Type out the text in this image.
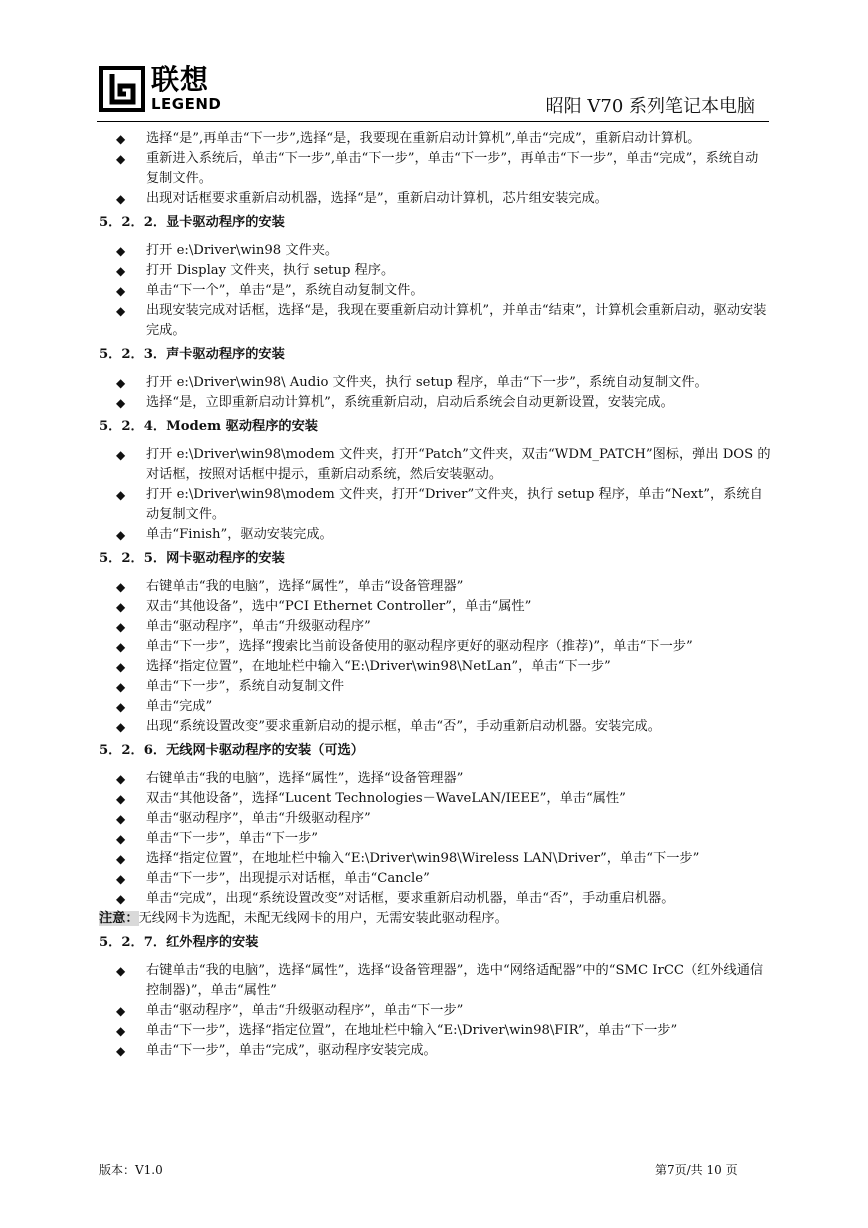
联想
LEGEND	昭阳 V70 系列笔记本电脑
◆ 选择“是”,再单击“下一步”,选择“是，我要现在重新启动计算机”,单击“完成”，重新启动计算机。
◆ 重新进入系统后，单击“下一步”,单击“下一步”，单击“下一步”，再单击“下一步”，单击“完成”，系统自动复制文件。
◆ 出现对话框要求重新启动机器，选择“是”，重新启动计算机，芯片组安装完成。
5．2．2．显卡驱动程序的安装
◆ 打开 e:\Driver\win98 文件夹。
◆ 打开 Display 文件夹，执行 setup 程序。
◆ 单击“下一个”，单击“是”，系统自动复制文件。
◆ 出现安装完成对话框，选择“是，我现在要重新启动计算机”，并单击“结束”，计算机会重新启动，驱动安装完成。
5．2．3．声卡驱动程序的安装
◆ 打开 e:\Driver\win98\ Audio 文件夹，执行 setup 程序，单击“下一步”，系统自动复制文件。
◆ 选择“是，立即重新启动计算机”，系统重新启动，启动后系统会自动更新设置，安装完成。
5．2．4．Modem 驱动程序的安装
◆ 打开 e:\Driver\win98\modem 文件夹，打开“Patch”文件夹，双击“WDM_PATCH”图标，弹出 DOS 的对话框，按照对话框中提示，重新启动系统，然后安装驱动。
◆ 打开 e:\Driver\win98\modem 文件夹，打开“Driver”文件夹，执行 setup 程序，单击“Next”，系统自动复制文件。
◆ 单击“Finish”，驱动安装完成。
5．2．5．网卡驱动程序的安装
◆ 右键单击“我的电脑”，选择“属性”，单击“设备管理器”
◆ 双击“其他设备”，选中“PCI Ethernet Controller”，单击“属性”
◆ 单击“驱动程序”，单击“升级驱动程序”
◆ 单击“下一步”，选择“搜索比当前设备使用的驱动程序更好的驱动程序（推荐)”，单击“下一步”
◆ 选择“指定位置”，在地址栏中输入“E:\Driver\win98\NetLan”，单击“下一步”
◆ 单击“下一步”，系统自动复制文件
◆ 单击“完成”
◆ 出现“系统设置改变”要求重新启动的提示框，单击“否”，手动重新启动机器。安装完成。
5．2．6．无线网卡驱动程序的安装（可选）
◆ 右键单击“我的电脑”，选择“属性”，选择“设备管理器”
◆ 双击“其他设备”，选择“Lucent Technologies－WaveLAN/IEEE”，单击“属性”
◆ 单击“驱动程序”，单击“升级驱动程序”
◆ 单击“下一步”，单击“下一步”
◆ 选择“指定位置”，在地址栏中输入“E:\Driver\win98\Wireless LAN\Driver”，单击“下一步”
◆ 单击“下一步”，出现提示对话框，单击“Cancle”
◆ 单击“完成”，出现“系统设置改变”对话框，要求重新启动机器，单击“否”，手动重启机器。
注意：无线网卡为选配，未配无线网卡的用户，无需安装此驱动程序。
5．2．7．红外程序的安装
◆ 右键单击“我的电脑”，选择“属性”，选择“设备管理器”，选中“网络适配器”中的“SMC IrCC（红外线通信控制器)”，单击“属性”
◆ 单击“驱动程序”，单击“升级驱动程序”，单击“下一步”
◆ 单击“下一步”，选择“指定位置”，在地址栏中输入“E:\Driver\win98\FIR”，单击“下一步”
◆ 单击“下一步”，单击“完成”，驱动程序安装完成。
版本：V1.0	第7页/共 10 页
